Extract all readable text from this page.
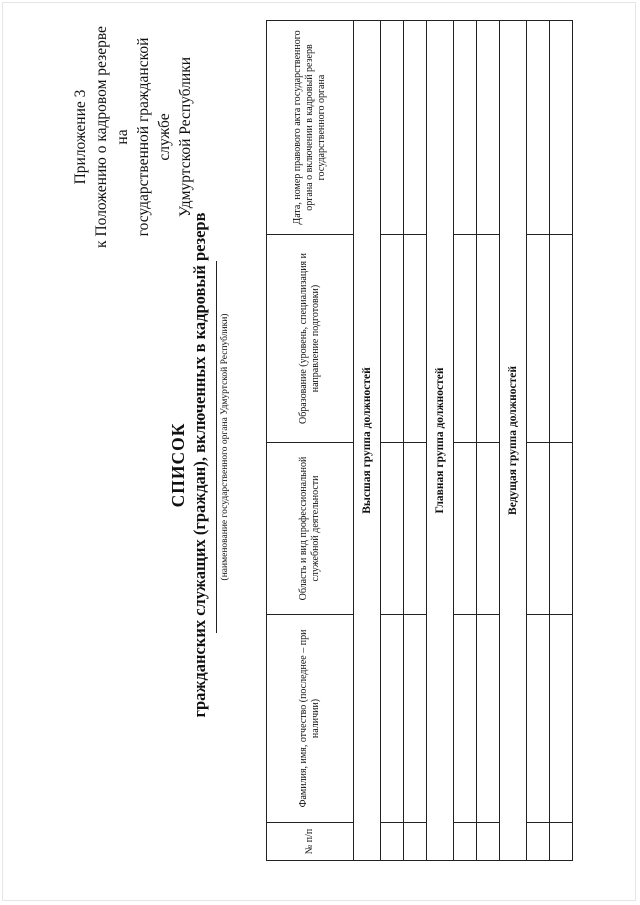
Приложение 3 к Положению о кадровом резерве на государственной гражданской службе Удмуртской Республики
СПИСОК гражданских служащих (граждан), включенных в кадровый резерв	(наименование государственного органа Удмуртской Республики)
№ п/п	Фамилия, имя, отчество (последнее – при наличии)	Область и вид профессиональной служебной деятельности	Образование (уровень, специализация и направление подготовки)	Дата, номер правового акта государственного органа о включении в кадровый резерв государственного органа
Высшая группа должностей				

Главная группа должностей				

Ведущая группа должностей				
